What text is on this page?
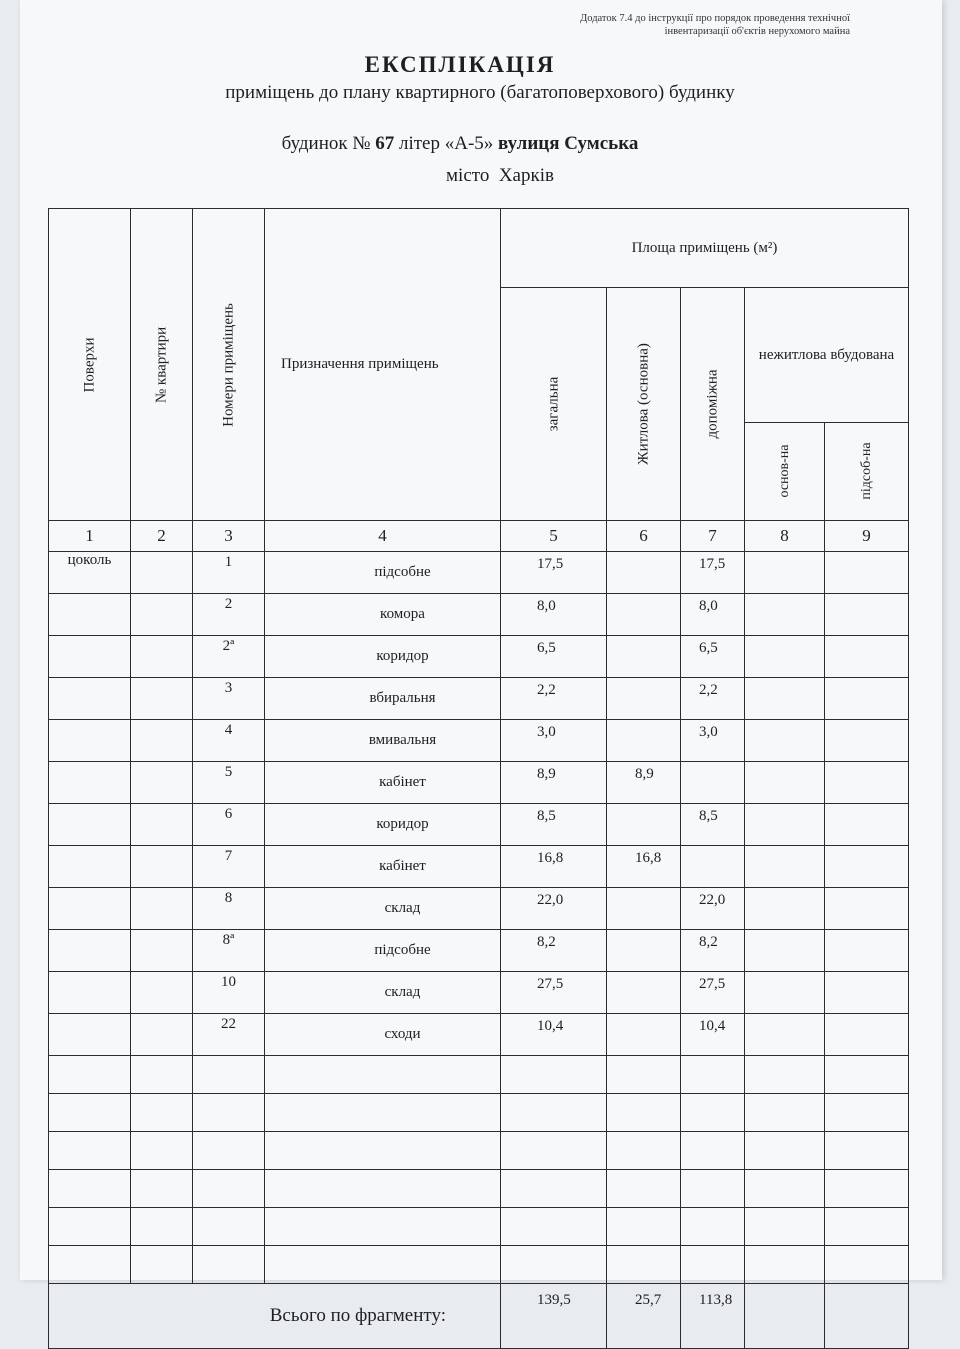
Додаток 7.4 до інструкції про порядок проведення технічної інвентаризації об'єктів нерухомого майна
ЕКСПЛІКАЦІЯ
приміщень до плану квартирного (багатоповерхового) будинку
будинок № 67 літер «А-5» вулиця Сумська
місто Харків
Поверхи	№ квартири	Номери приміщень	Призначення приміщень	Площа приміщень (м²)				

				загальна	Житлова (основна)	допоміжна	нежитлова вбудована	

							основ-на	підсоб-на

1	2	3	4	5	6	7	8	9
цоколь		1	підсобне	17,5		17,5		
		2	комора	8,0		8,0		
		2ª	коридор	6,5		6,5		
		3	вбиральня	2,2		2,2		
		4	вмивальня	3,0		3,0		
		5	кабінет	8,9	8,9			
		6	коридор	8,5		8,5		
		7	кабінет	16,8	16,8			
		8	склад	22,0		22,0		
		8ª	підсобне	8,2		8,2		
		10	склад	27,5		27,5		
		22	сходи	10,4		10,4		

Всього по фрагменту:				139,5	25,7	113,8		
